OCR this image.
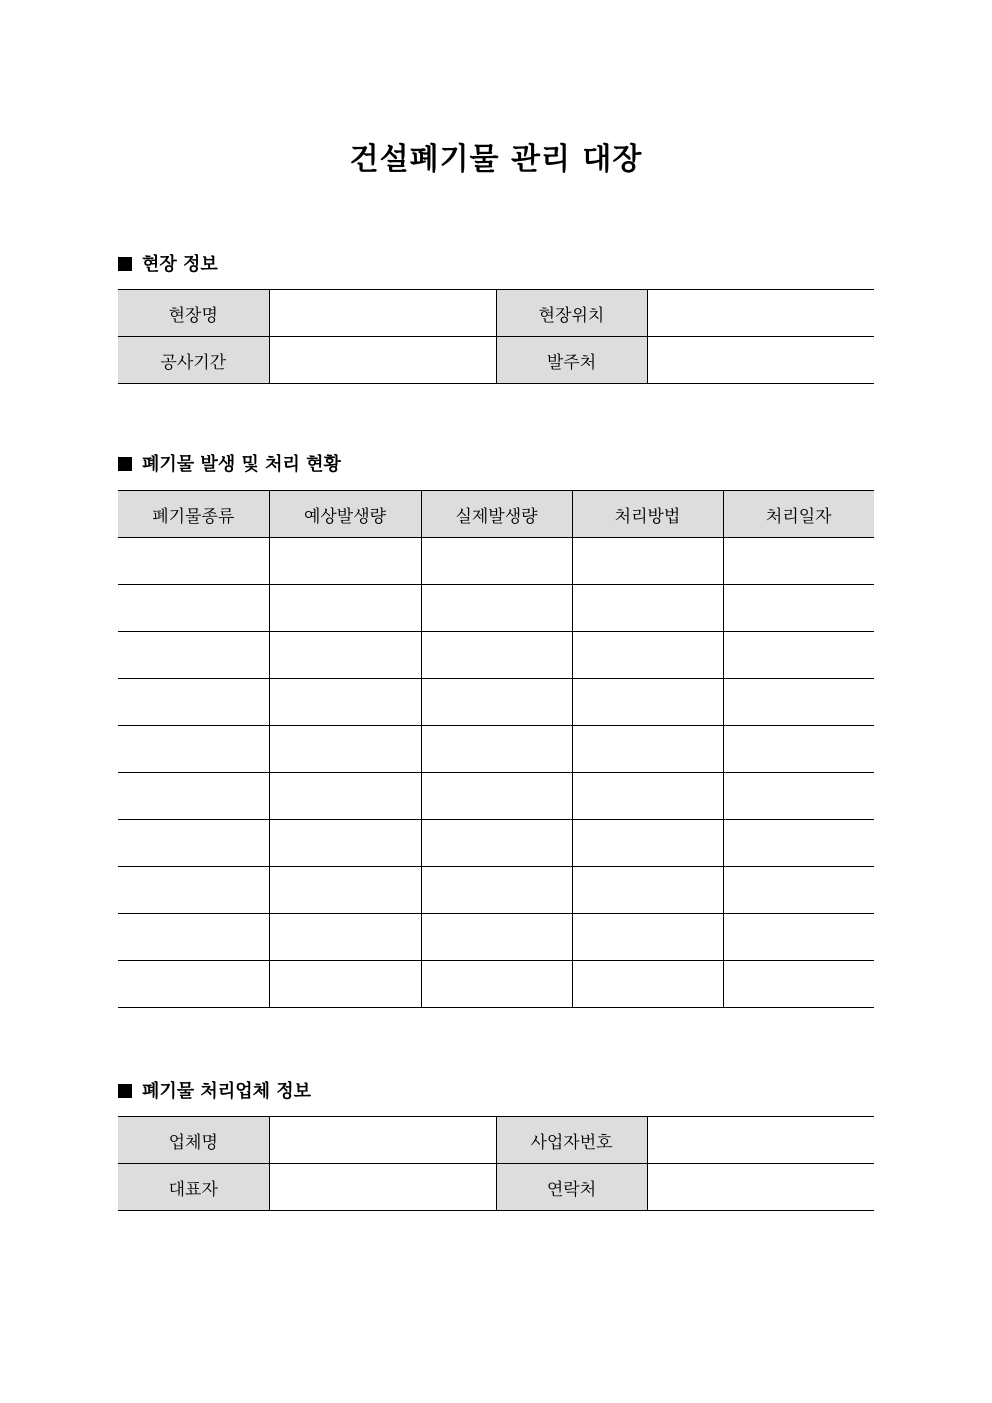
건설폐기물 관리 대장
현장 정보
현장명		현장위치	
공사기간		발주처	
폐기물 발생 및 처리 현황
폐기물종류	예상발생량	실제발생량	처리방법	처리일자

폐기물 처리업체 정보
업체명		사업자번호	
대표자		연락처	
